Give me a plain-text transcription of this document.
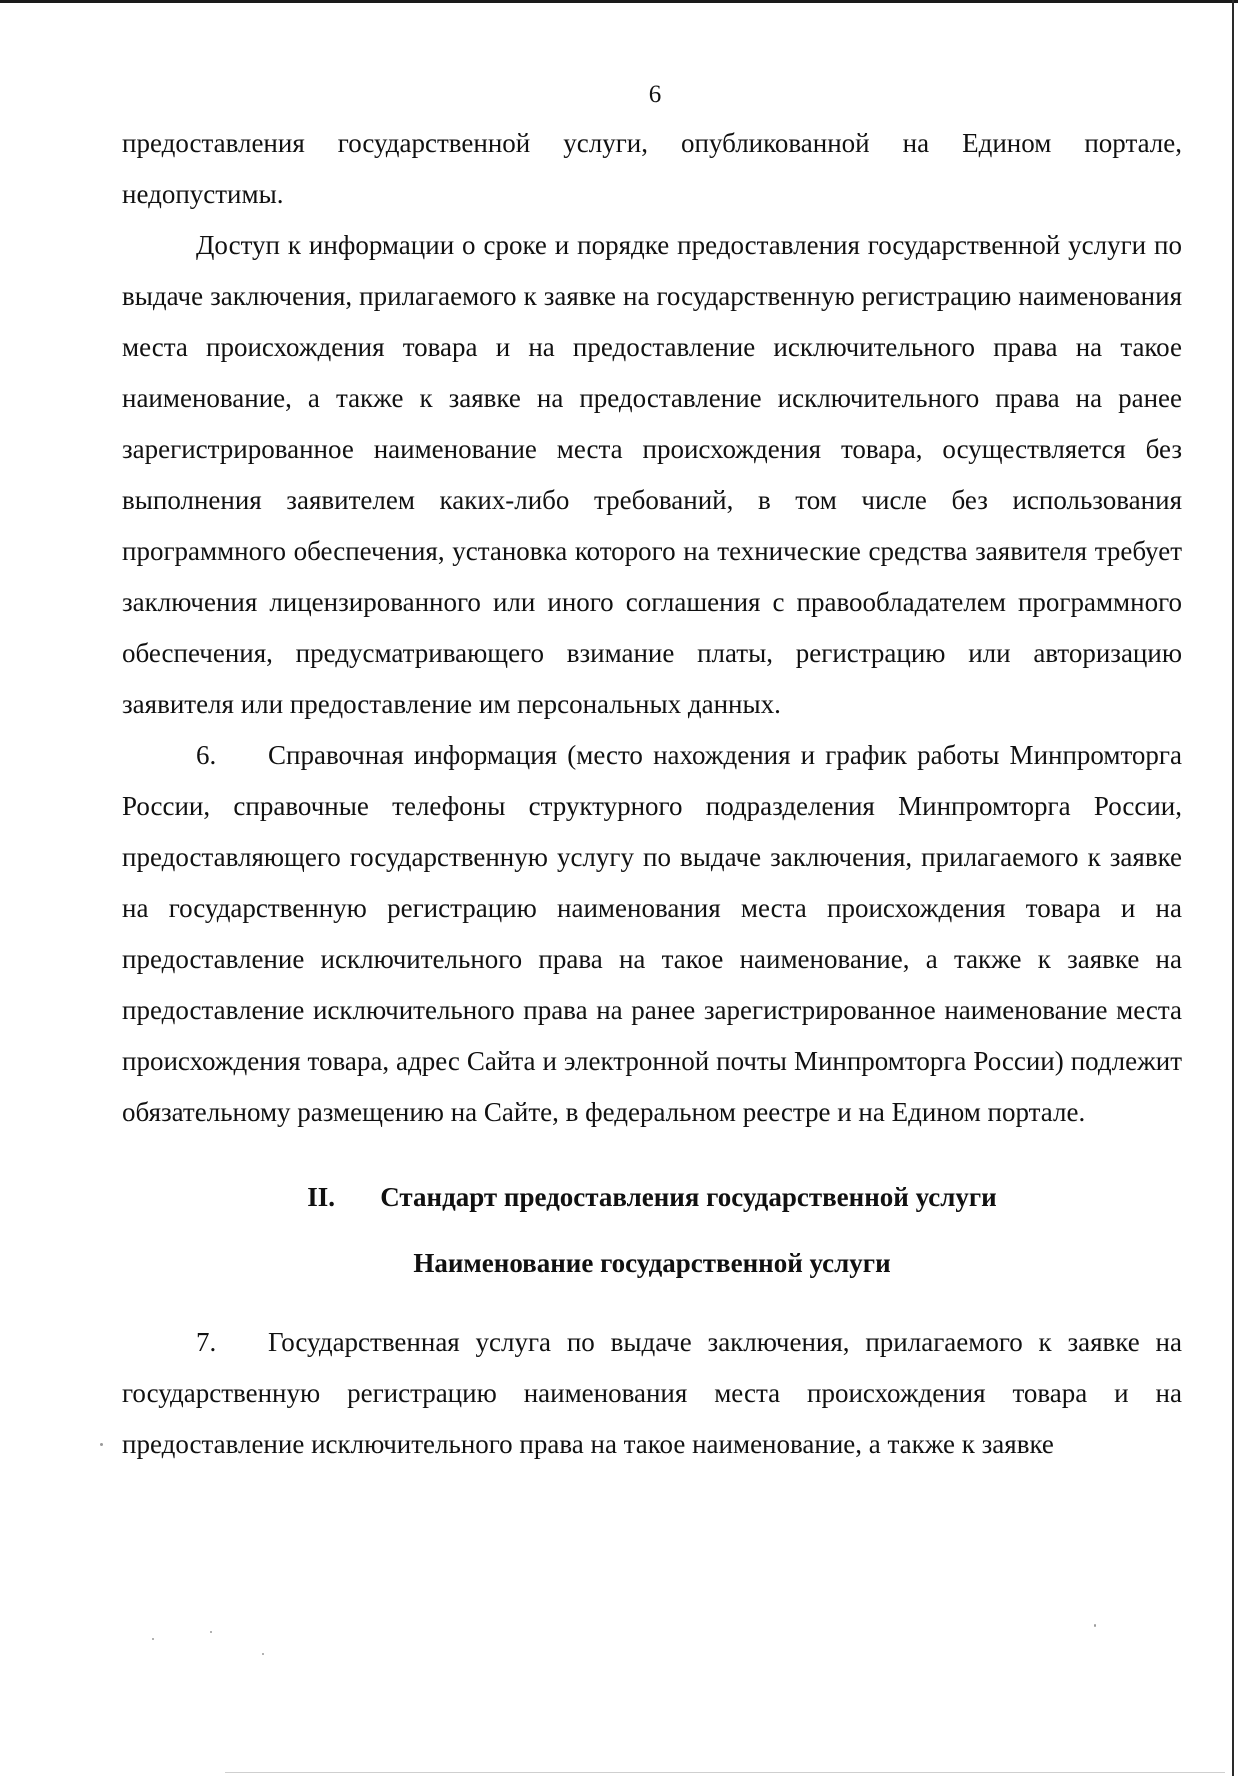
6

предоставления государственной услуги, опубликованной на Едином портале, недопустимы.

Доступ к информации о сроке и порядке предоставления государственной услуги по выдаче заключения, прилагаемого к заявке на государственную регистрацию наименования места происхождения товара и на предоставление исключительного права на такое наименование, а также к заявке на предоставление исключительного права на ранее зарегистрированное наименование места происхождения товара, осуществляется без выполнения заявителем каких-либо требований, в том числе без использования программного обеспечения, установка которого на технические средства заявителя требует заключения лицензированного или иного соглашения с правообладателем программного обеспечения, предусматривающего взимание платы, регистрацию или авторизацию заявителя или предоставление им персональных данных.

6. Справочная информация (место нахождения и график работы Минпромторга России, справочные телефоны структурного подразделения Минпромторга России, предоставляющего государственную услугу по выдаче заключения, прилагаемого к заявке на государственную регистрацию наименования места происхождения товара и на предоставление исключительного права на такое наименование, а также к заявке на предоставление исключительного права на ранее зарегистрированное наименование места происхождения товара, адрес Сайта и электронной почты Минпромторга России) подлежит обязательному размещению на Сайте, в федеральном реестре и на Едином портале.

II. Стандарт предоставления государственной услуги

Наименование государственной услуги

7. Государственная услуга по выдаче заключения, прилагаемого к заявке на государственную регистрацию наименования места происхождения товара и на предоставление исключительного права на такое наименование, а также к заявке
